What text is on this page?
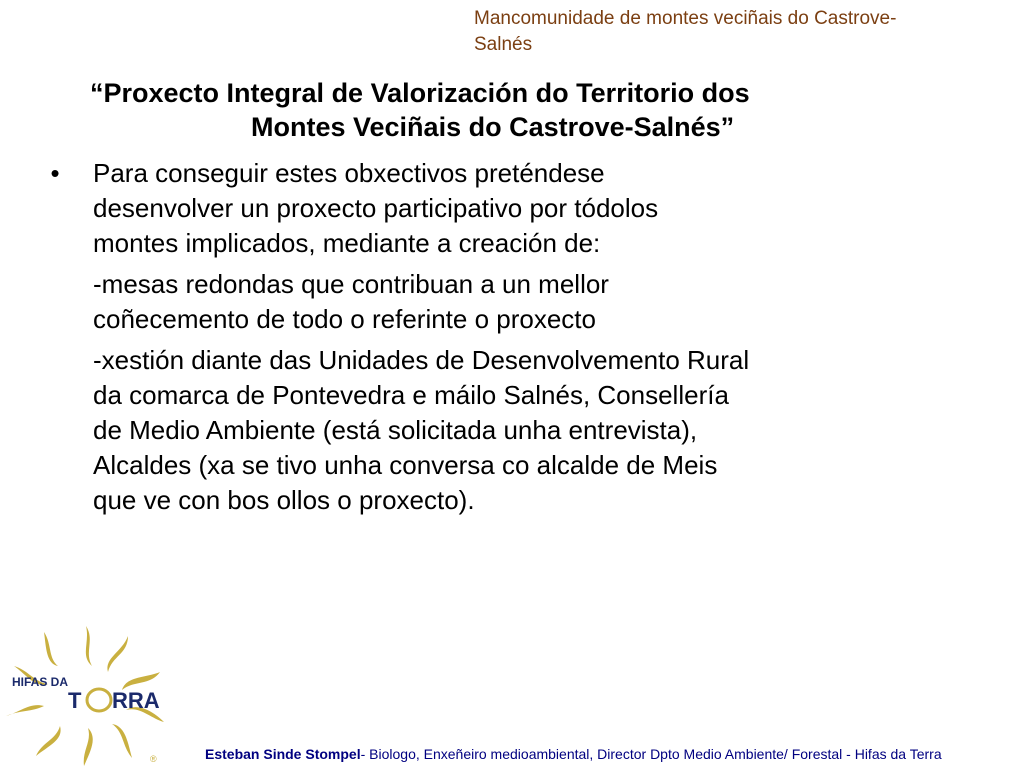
Mancomunidade de montes veciñais do Castrove-
Salnés
“Proxecto Integral de Valorización do Territorio dos
Montes Veciñais do Castrove-Salnés”
•	Para conseguir estes obxectivos preténdese
desenvolver un proxecto participativo por tódolos
montes implicados, mediante a creación de:
-mesas redondas que contribuan a un mellor
coñecemento de todo o referinte o proxecto
-xestión diante das Unidades de Desenvolvemento Rural
da comarca de Pontevedra e máilo Salnés, Consellería
de Medio Ambiente (está solicitada unha entrevista),
Alcaldes (xa se tivo unha conversa co alcalde de Meis
que ve con bos ollos o proxecto).
HIFAS DA
T RRA
®	Esteban Sinde Stompel- Biologo, Enxeñeiro medioambiental, Director Dpto Medio Ambiente/ Forestal - Hifas da Terra
